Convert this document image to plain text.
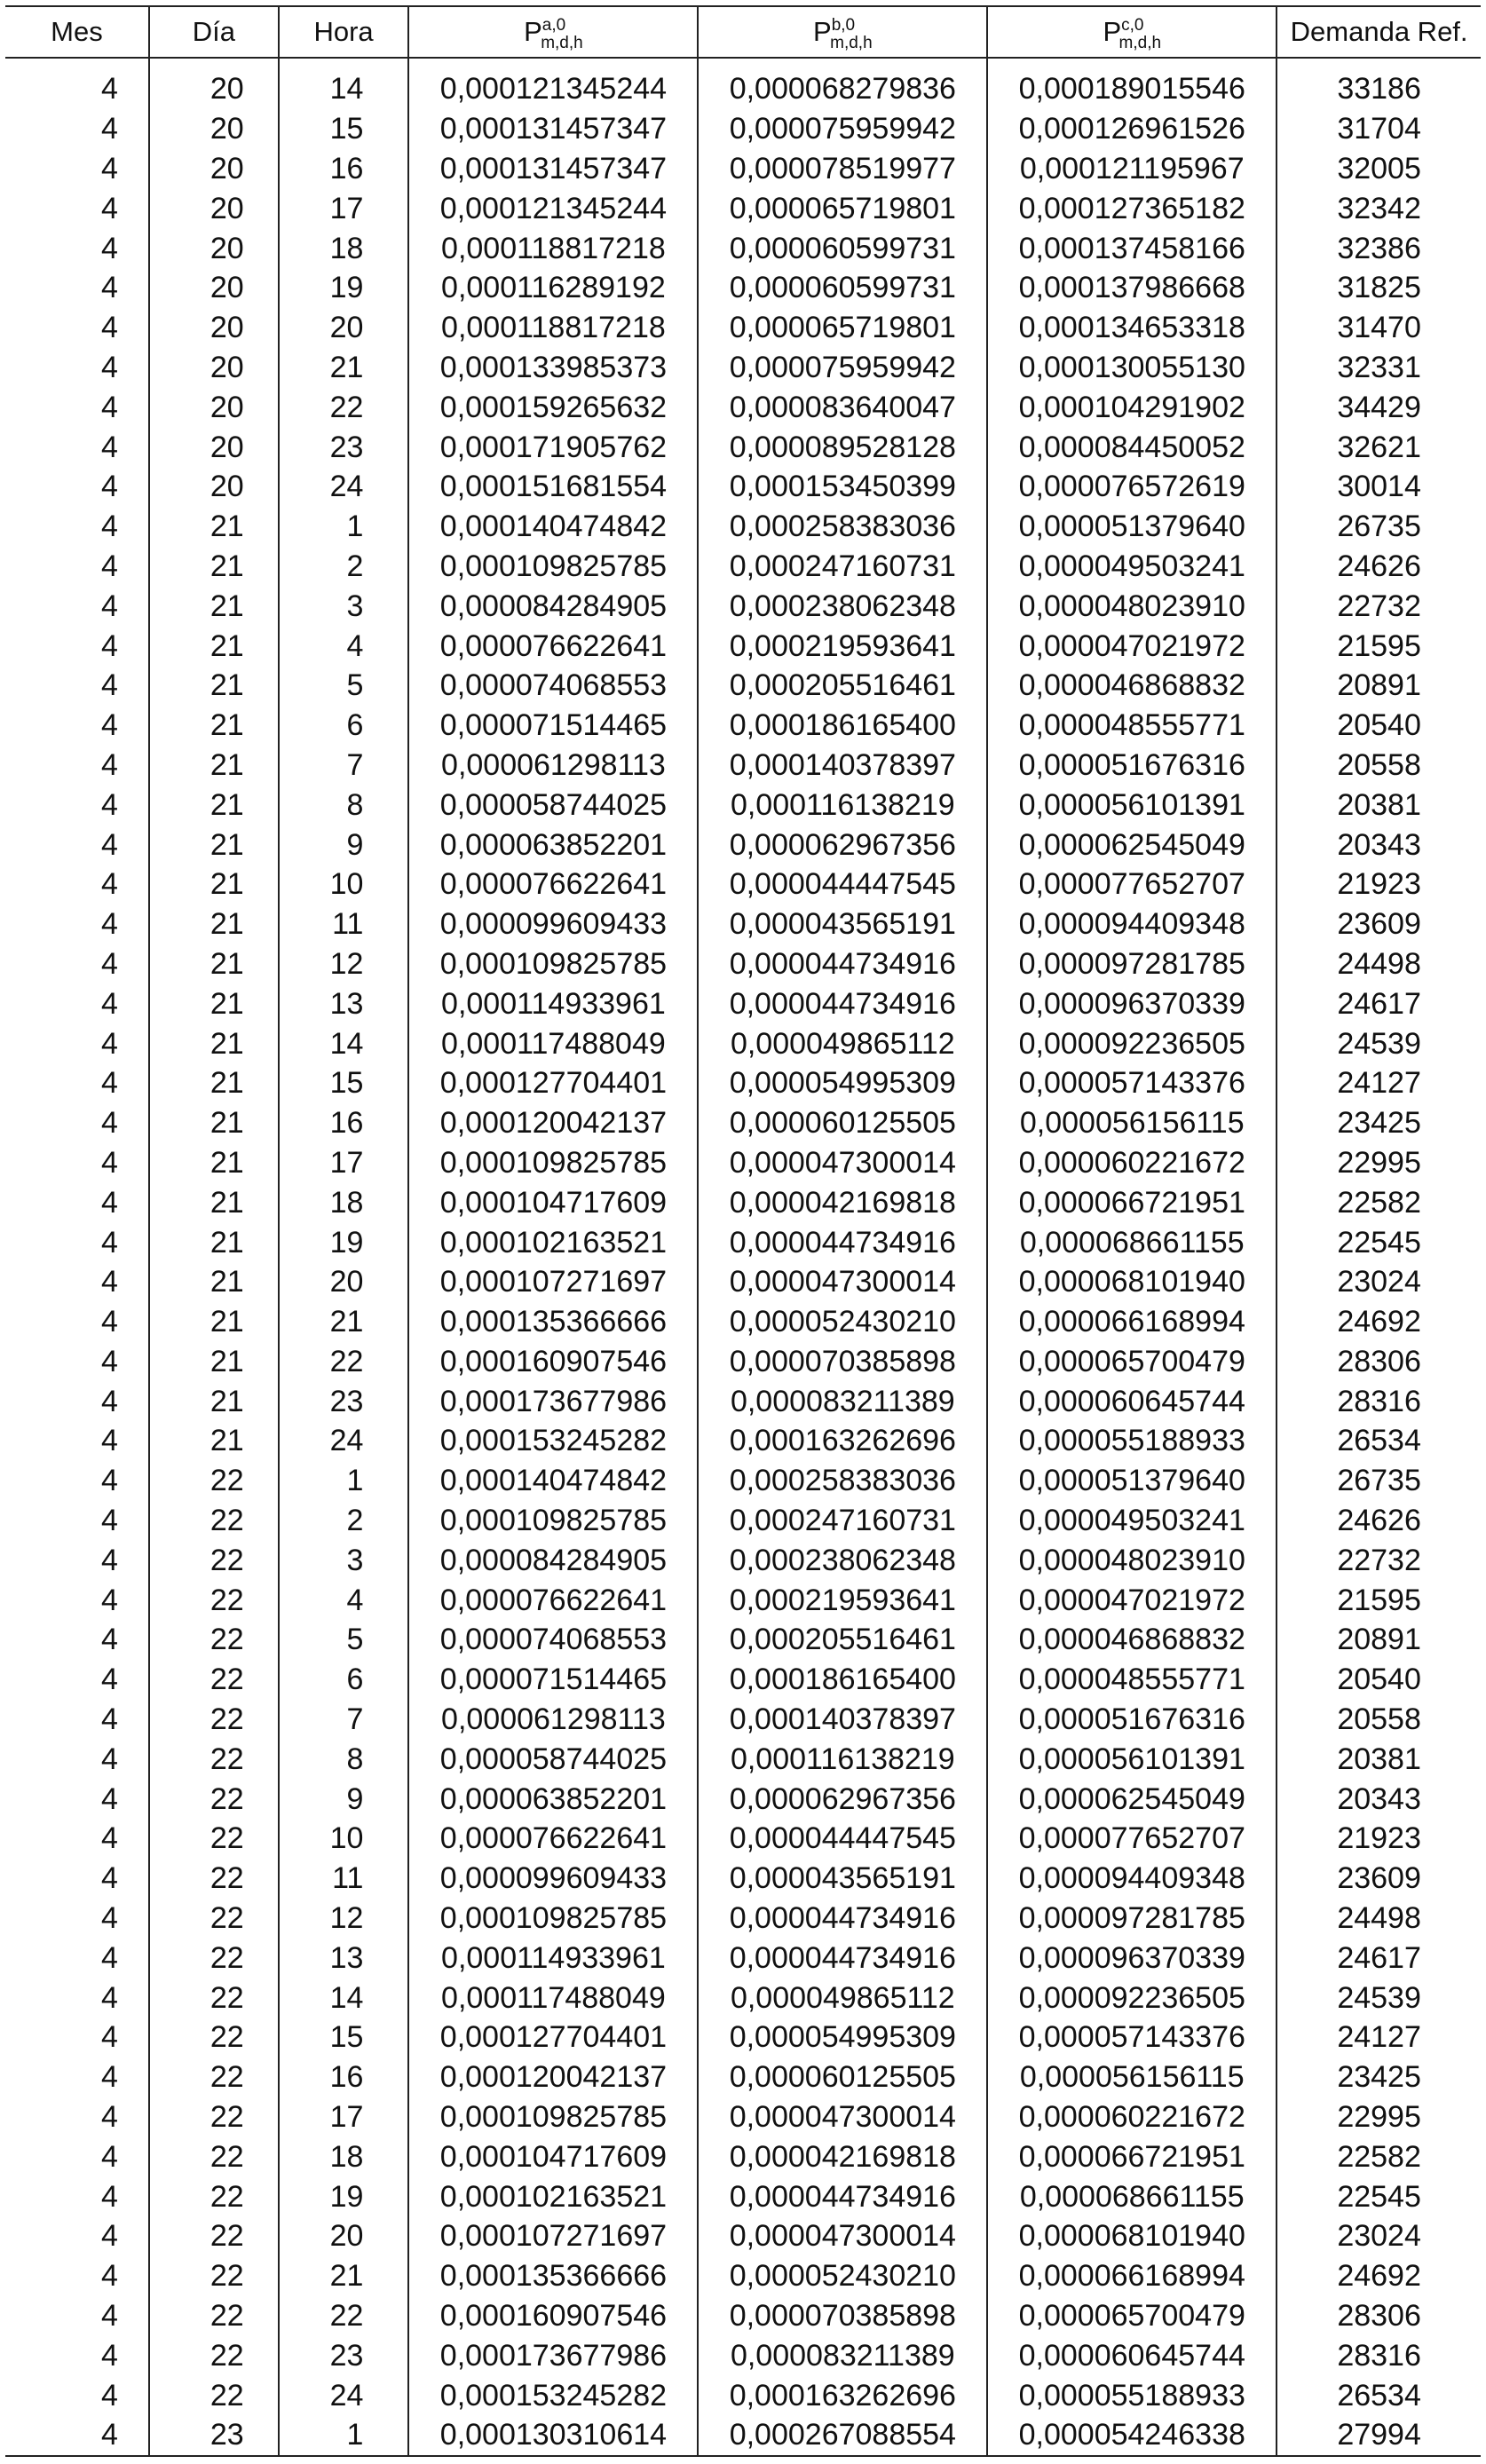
Mes	Día	Hora	P$^{a,0}_{m,d,h}$	P$^{b,0}_{m,d,h}$	P$^{c,0}_{m,d,h}$	Demanda Ref.

4	20	14	0,000121345244	0,000068279836	0,000189015546	33186
4	20	15	0,000131457347	0,000075959942	0,000126961526	31704
4	20	16	0,000131457347	0,000078519977	0,000121195967	32005
4	20	17	0,000121345244	0,000065719801	0,000127365182	32342
4	20	18	0,000118817218	0,000060599731	0,000137458166	32386
4	20	19	0,000116289192	0,000060599731	0,000137986668	31825
4	20	20	0,000118817218	0,000065719801	0,000134653318	31470
4	20	21	0,000133985373	0,000075959942	0,000130055130	32331
4	20	22	0,000159265632	0,000083640047	0,000104291902	34429
4	20	23	0,000171905762	0,000089528128	0,000084450052	32621
4	20	24	0,000151681554	0,000153450399	0,000076572619	30014
4	21	1	0,000140474842	0,000258383036	0,000051379640	26735
4	21	2	0,000109825785	0,000247160731	0,000049503241	24626
4	21	3	0,000084284905	0,000238062348	0,000048023910	22732
4	21	4	0,000076622641	0,000219593641	0,000047021972	21595
4	21	5	0,000074068553	0,000205516461	0,000046868832	20891
4	21	6	0,000071514465	0,000186165400	0,000048555771	20540
4	21	7	0,000061298113	0,000140378397	0,000051676316	20558
4	21	8	0,000058744025	0,000116138219	0,000056101391	20381
4	21	9	0,000063852201	0,000062967356	0,000062545049	20343
4	21	10	0,000076622641	0,000044447545	0,000077652707	21923
4	21	11	0,000099609433	0,000043565191	0,000094409348	23609
4	21	12	0,000109825785	0,000044734916	0,000097281785	24498
4	21	13	0,000114933961	0,000044734916	0,000096370339	24617
4	21	14	0,000117488049	0,000049865112	0,000092236505	24539
4	21	15	0,000127704401	0,000054995309	0,000057143376	24127
4	21	16	0,000120042137	0,000060125505	0,000056156115	23425
4	21	17	0,000109825785	0,000047300014	0,000060221672	22995
4	21	18	0,000104717609	0,000042169818	0,000066721951	22582
4	21	19	0,000102163521	0,000044734916	0,000068661155	22545
4	21	20	0,000107271697	0,000047300014	0,000068101940	23024
4	21	21	0,000135366666	0,000052430210	0,000066168994	24692
4	21	22	0,000160907546	0,000070385898	0,000065700479	28306
4	21	23	0,000173677986	0,000083211389	0,000060645744	28316
4	21	24	0,000153245282	0,000163262696	0,000055188933	26534
4	22	1	0,000140474842	0,000258383036	0,000051379640	26735
4	22	2	0,000109825785	0,000247160731	0,000049503241	24626
4	22	3	0,000084284905	0,000238062348	0,000048023910	22732
4	22	4	0,000076622641	0,000219593641	0,000047021972	21595
4	22	5	0,000074068553	0,000205516461	0,000046868832	20891
4	22	6	0,000071514465	0,000186165400	0,000048555771	20540
4	22	7	0,000061298113	0,000140378397	0,000051676316	20558
4	22	8	0,000058744025	0,000116138219	0,000056101391	20381
4	22	9	0,000063852201	0,000062967356	0,000062545049	20343
4	22	10	0,000076622641	0,000044447545	0,000077652707	21923
4	22	11	0,000099609433	0,000043565191	0,000094409348	23609
4	22	12	0,000109825785	0,000044734916	0,000097281785	24498
4	22	13	0,000114933961	0,000044734916	0,000096370339	24617
4	22	14	0,000117488049	0,000049865112	0,000092236505	24539
4	22	15	0,000127704401	0,000054995309	0,000057143376	24127
4	22	16	0,000120042137	0,000060125505	0,000056156115	23425
4	22	17	0,000109825785	0,000047300014	0,000060221672	22995
4	22	18	0,000104717609	0,000042169818	0,000066721951	22582
4	22	19	0,000102163521	0,000044734916	0,000068661155	22545
4	22	20	0,000107271697	0,000047300014	0,000068101940	23024
4	22	21	0,000135366666	0,000052430210	0,000066168994	24692
4	22	22	0,000160907546	0,000070385898	0,000065700479	28306
4	22	23	0,000173677986	0,000083211389	0,000060645744	28316
4	22	24	0,000153245282	0,000163262696	0,000055188933	26534
4	23	1	0,000130310614	0,000267088554	0,000054246338	27994
